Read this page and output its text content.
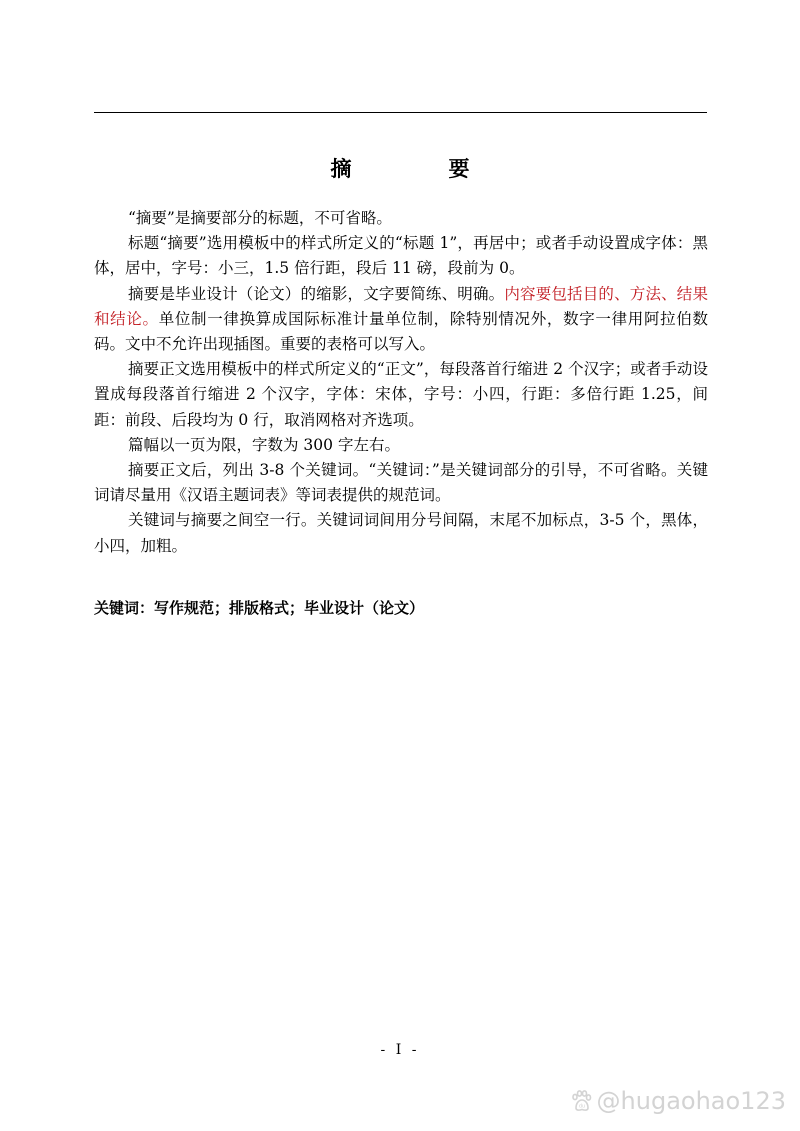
摘　要

“摘要”是摘要部分的标题，不可省略。

标题“摘要”选用模板中的样式所定义的“标题 1”，再居中；或者手动设置成字体：黑体，居中，字号：小三，1.5 倍行距，段后 11 磅，段前为 0。

摘要是毕业设计（论文）的缩影，文字要简练、明确。内容要包括目的、方法、结果和结论。单位制一律换算成国际标准计量单位制，除特别情况外，数字一律用阿拉伯数码。文中不允许出现插图。重要的表格可以写入。

摘要正文选用模板中的样式所定义的“正文”，每段落首行缩进 2 个汉字；或者手动设置成每段落首行缩进 2 个汉字，字体：宋体，字号：小四，行距：多倍行距 1.25，间距：前段、后段均为 0 行，取消网格对齐选项。

篇幅以一页为限，字数为 300 字左右。

摘要正文后，列出 3-8 个关键词。“关键词：”是关键词部分的引导，不可省略。关键词请尽量用《汉语主题词表》等词表提供的规范词。

关键词与摘要之间空一行。关键词词间用分号间隔，末尾不加标点，3-5 个，黑体，小四，加粗。

关键词：写作规范；排版格式；毕业设计（论文）
- I -
du @hugaohao123
